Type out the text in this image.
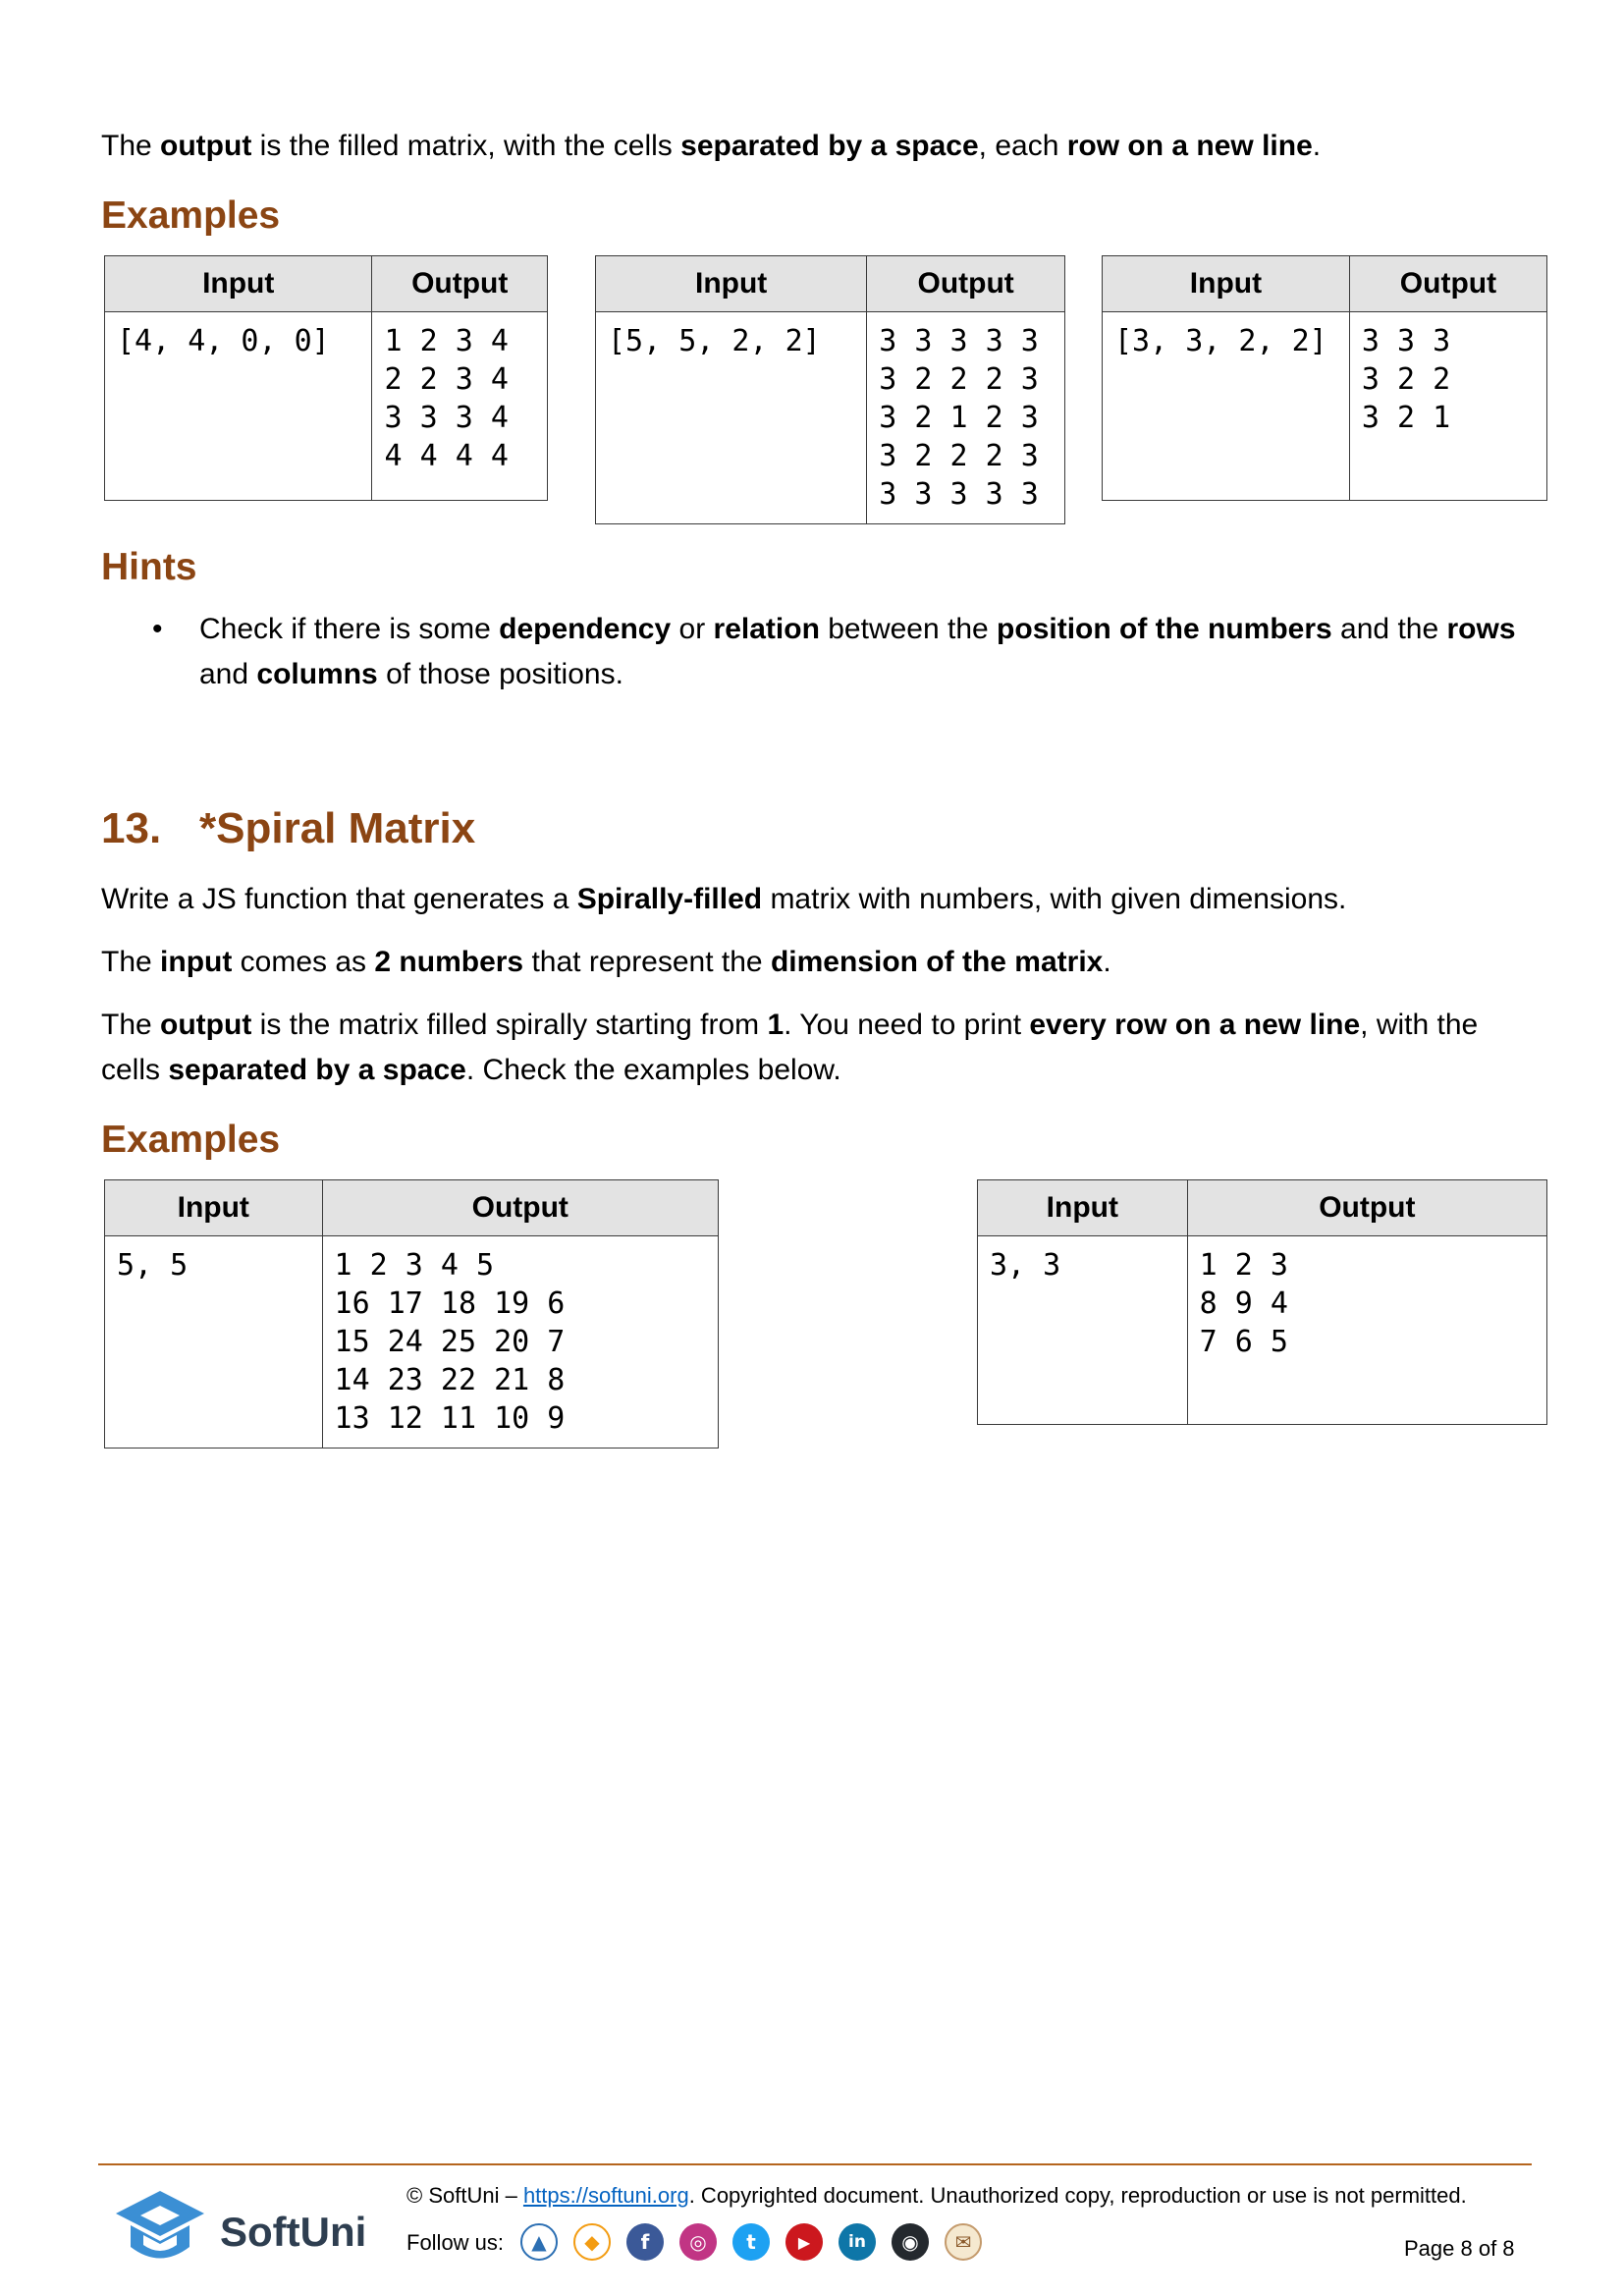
The output is the filled matrix, with the cells separated by a space, each row on a new line.

Examples
Input	Output
[4, 4, 0, 0]	1 2 3 4
2 2 3 4
3 3 3 4
4 4 4 4
Input	Output
[5, 5, 2, 2]	3 3 3 3 3
3 2 2 2 3
3 2 1 2 3
3 2 2 2 3
3 3 3 3 3
Input	Output
[3, 3, 2, 2]	3 3 3
3 2 2
3 2 1
Hints
• Check if there is some dependency or relation between the position of the numbers and the rows and columns of those positions.
13. *Spiral Matrix

Write a JS function that generates a Spirally-filled matrix with numbers, with given dimensions.

The input comes as 2 numbers that represent the dimension of the matrix.

The output is the matrix filled spirally starting from 1. You need to print every row on a new line, with the cells separated by a space. Check the examples below.

Examples
Input	Output
5, 5	1 2 3 4 5
16 17 18 19 6
15 24 25 20 7
14 23 22 21 8
13 12 11 10 9
Input	Output
3, 3	1 2 3
8 9 4
7 6 5
SoftUni
© SoftUni – https://softuni.org. Copyrighted document. Unauthorized copy, reproduction or use is not permitted.
Follow us:	▲	◆	f	◎	t	▶	in	◉	✉	Page 8 of 8
